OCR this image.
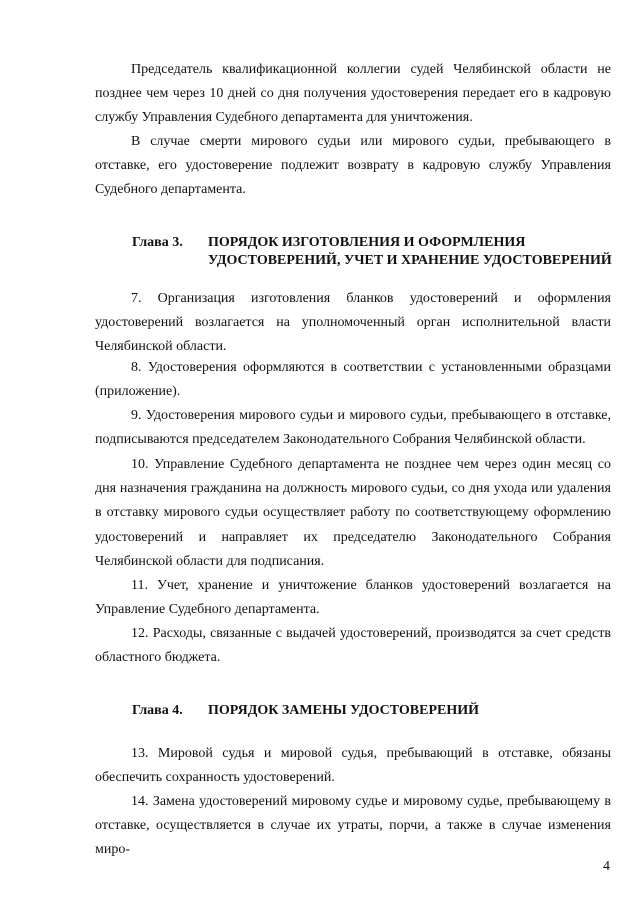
Председатель квалификационной коллегии судей Челябинской области не позднее чем через 10 дней со дня получения удостоверения передает его в кадровую службу Управления Судебного департамента для уничтожения.

В случае смерти мирового судьи или мирового судьи, пребывающего в отставке, его удостоверение подлежит возврату в кадровую службу Управления Судебного департамента.

Глава 3.	ПОРЯДОК ИЗГОТОВЛЕНИЯ И ОФОРМЛЕНИЯ
УДОСТОВЕРЕНИЙ, УЧЕТ И ХРАНЕНИЕ УДОСТОВЕРЕНИЙ

7. Организация изготовления бланков удостоверений и оформления удостоверений возлагается на уполномоченный орган исполнительной власти Челябинской области.

8. Удостоверения оформляются в соответствии с установленными образцами (приложение).

9. Удостоверения мирового судьи и мирового судьи, пребывающего в отставке, подписываются председателем Законодательного Собрания Челябинской области.

10. Управление Судебного департамента не позднее чем через один месяц со дня назначения гражданина на должность мирового судьи, со дня ухода или удаления в отставку мирового судьи осуществляет работу по соответствующему оформлению удостоверений и направляет их председателю Законодательного Собрания Челябинской области для подписания.

11. Учет, хранение и уничтожение бланков удостоверений возлагается на Управление Судебного департамента.

12. Расходы, связанные с выдачей удостоверений, производятся за счет средств областного бюджета.

Глава 4.	ПОРЯДОК ЗАМЕНЫ УДОСТОВЕРЕНИЙ

13. Мировой судья и мировой судья, пребывающий в отставке, обязаны обеспечить сохранность удостоверений.

14. Замена удостоверений мировому судье и мировому судье, пребывающему в отставке, осуществляется в случае их утраты, порчи, а также в случае изменения миро-

4
